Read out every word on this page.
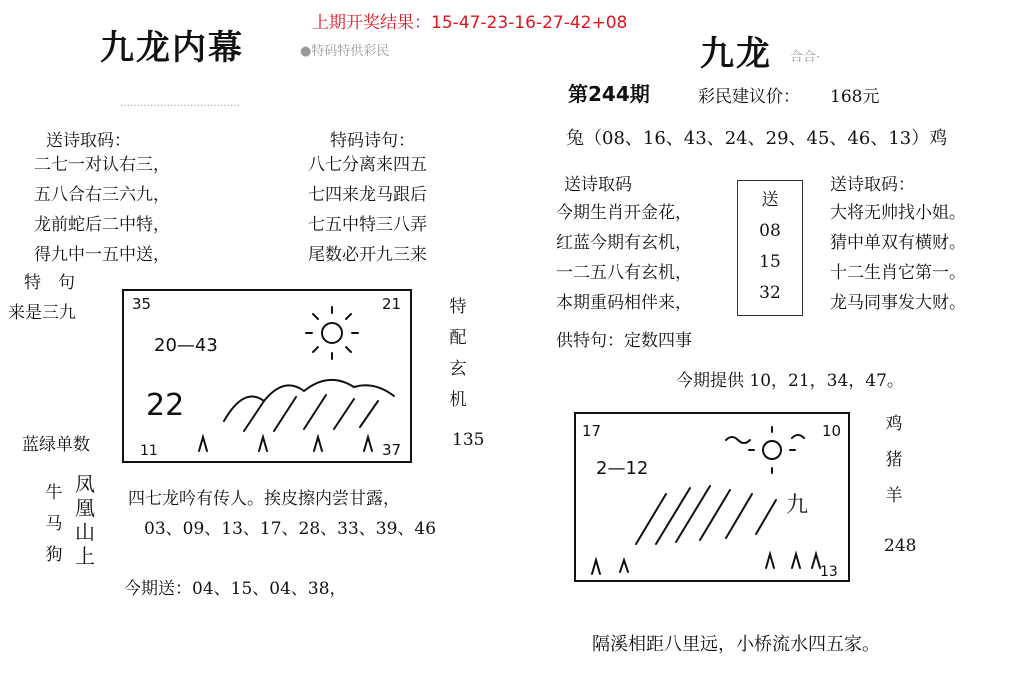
上期开奖结果：15-47-23-16-27-42+08
九龙内幕	●特码特供彩民
………………………………
送诗取码：
二七一对认右三，
五八合右三六九，
龙前蛇后二中特，
得九中一五中送，
特码诗句：
八七分离来四五
七四来龙马跟后
七五中特三八弄
尾数必开九三来
特　句
来是三九
蓝绿单数
35	21
20—43
22
11	37
特
配
玄
机
135
牛
马
狗
凤
凰
山
上
四七龙吟有传人。挨皮擦内尝甘露，
03、09、13、17、28、33、39、46
今期送：04、15、04、38，
九龙 合合·
第244期	彩民建议价： 168元
兔（08、16、43、24、29、45、46、13）鸡
送诗取码
今期生肖开金花，
红蓝今期有玄机，
一二五八有玄机，
本期重码相伴来，
送
08
15
32
送诗取码：
大将无帅找小姐。
猜中单双有横财。
十二生肖它第一。
龙马同事发大财。
供特句：定数四事
今期提供 10，21，34，47。
17	10
2—12
九
13
鸡
猪
羊
248
隔溪相距八里远，小桥流水四五家。
